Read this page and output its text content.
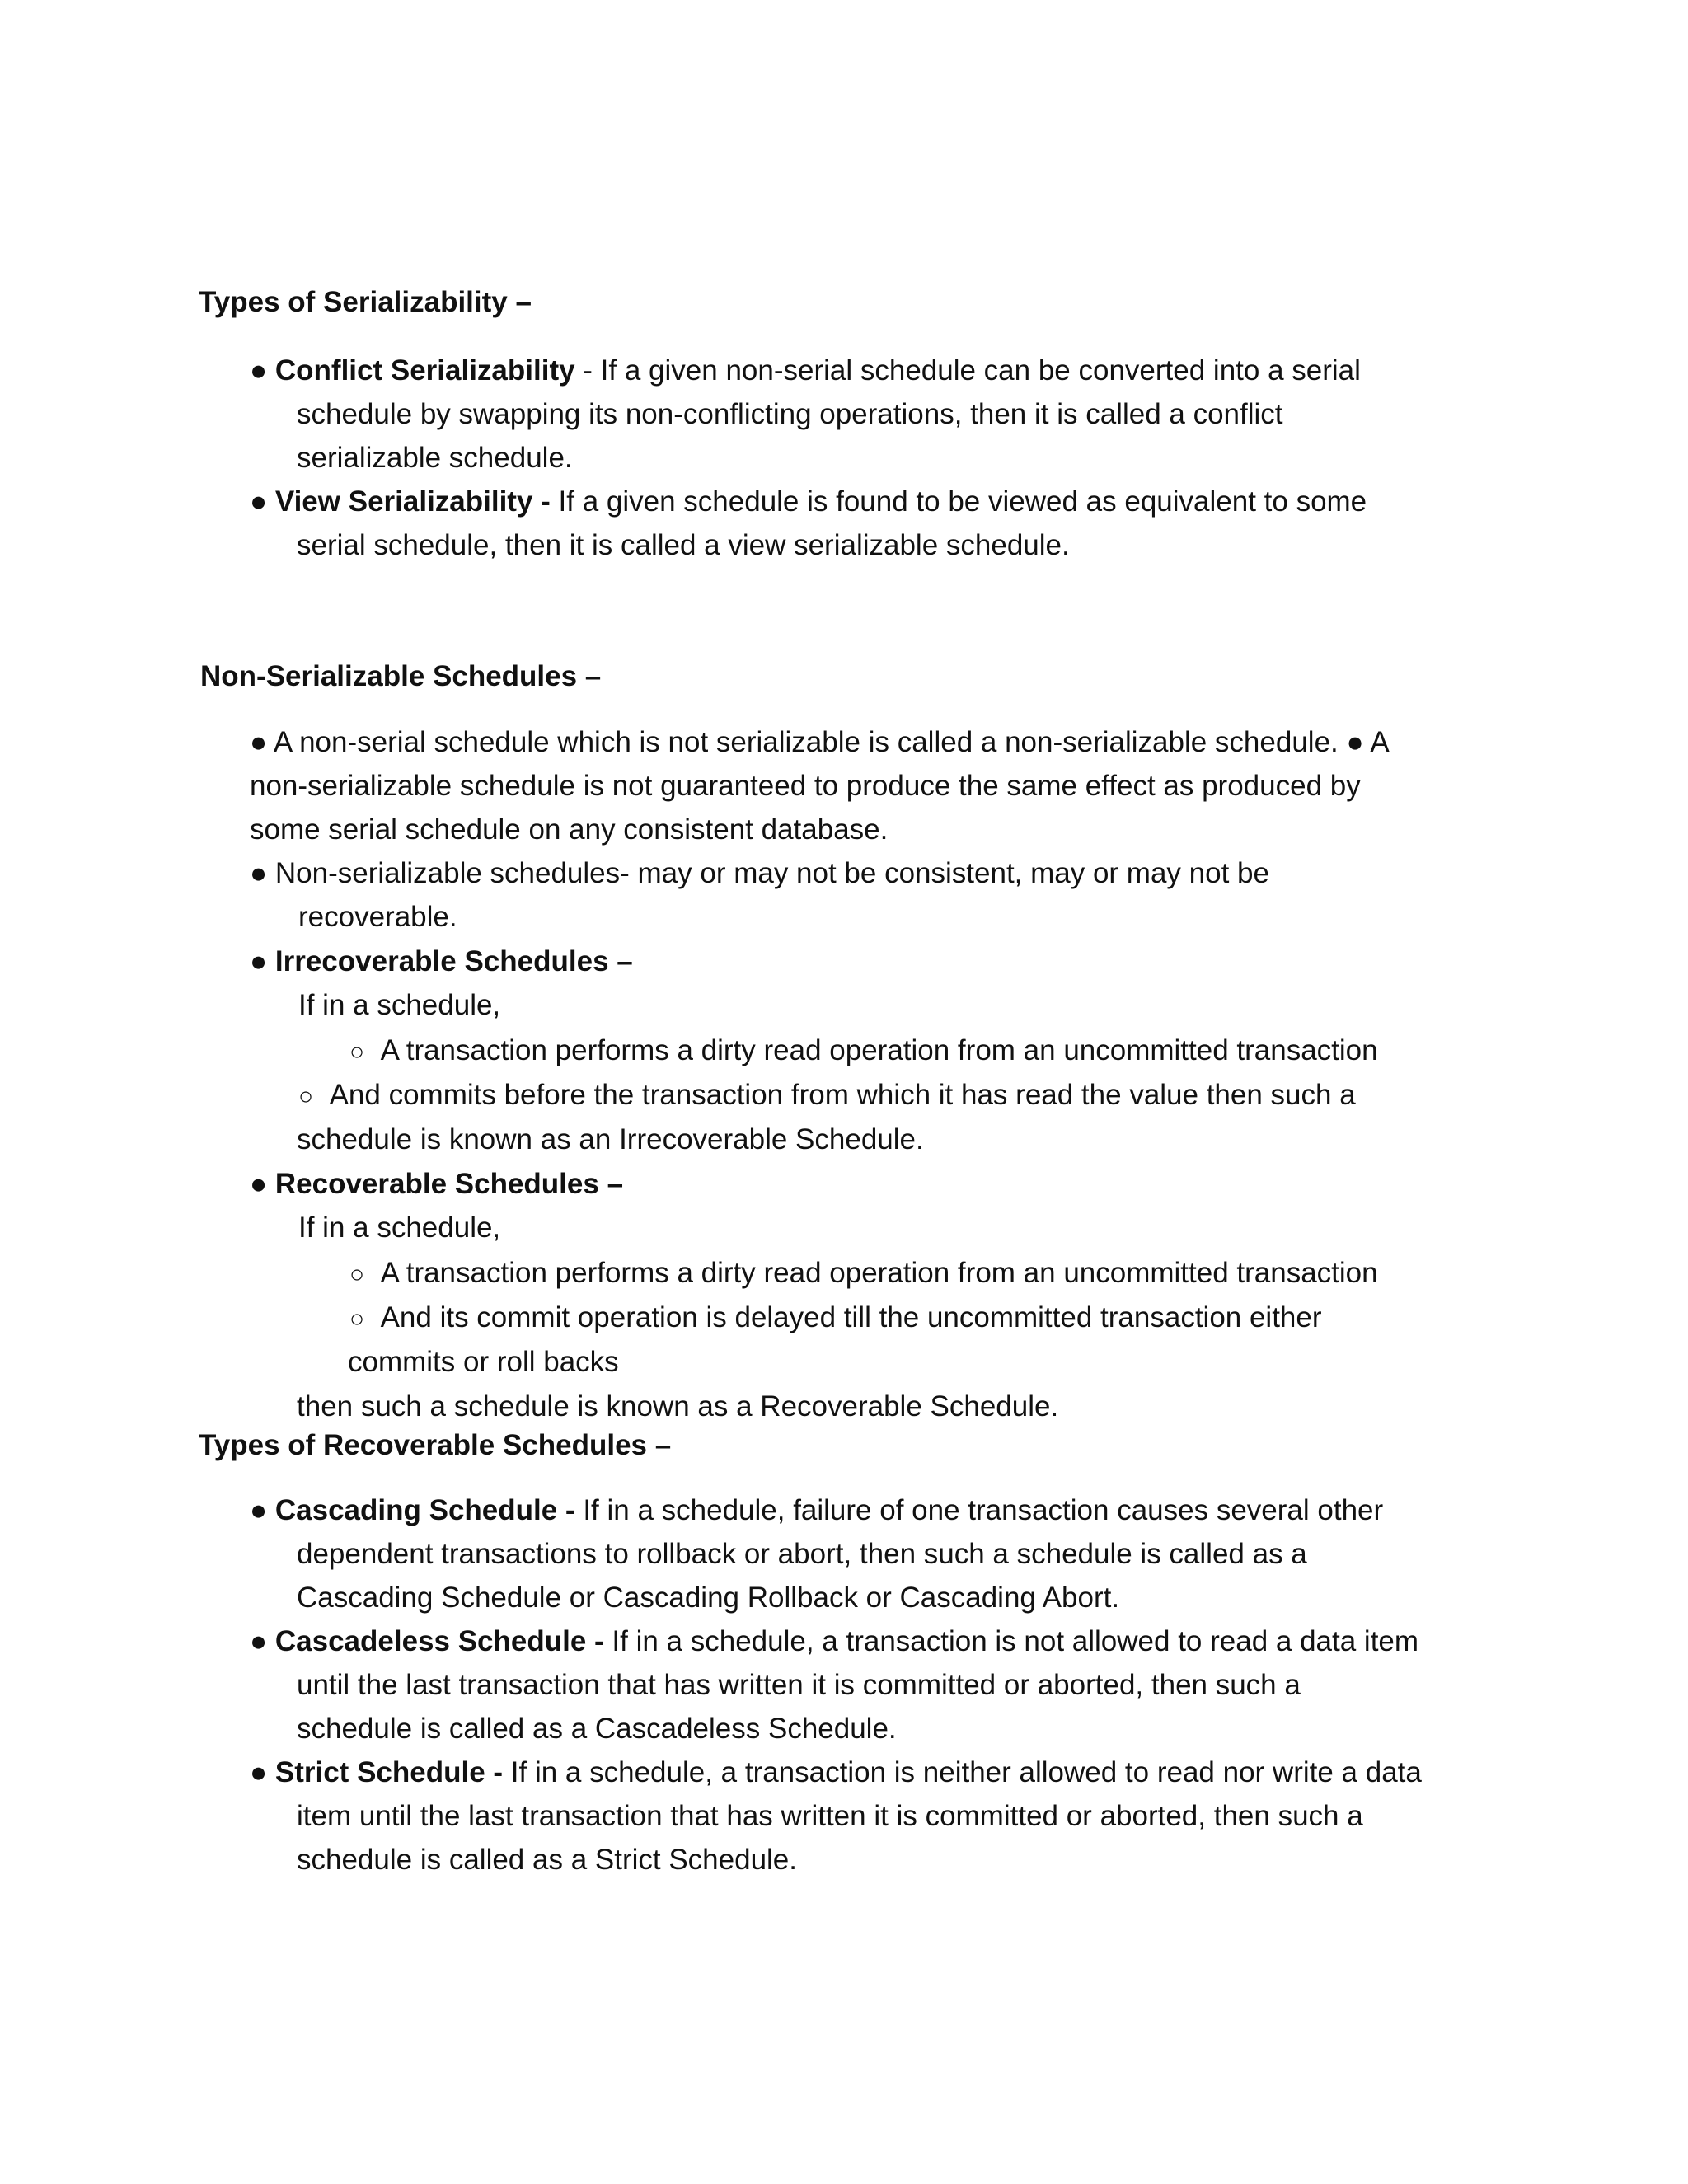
Types of Serializability –
● Conflict Serializability - If a given non-serial schedule can be converted into a serial
schedule by swapping its non-conflicting operations, then it is called a conflict
serializable schedule.
● View Serializability - If a given schedule is found to be viewed as equivalent to some
serial schedule, then it is called a view serializable schedule.
Non-Serializable Schedules –
● A non-serial schedule which is not serializable is called a non-serializable schedule. ● A
non-serializable schedule is not guaranteed to produce the same effect as produced by
some serial schedule on any consistent database.
● Non-serializable schedules- may or may not be consistent, may or may not be
recoverable.
● Irrecoverable Schedules –
If in a schedule,
○ A transaction performs a dirty read operation from an uncommitted transaction
○ And commits before the transaction from which it has read the value then such a
schedule is known as an Irrecoverable Schedule.
● Recoverable Schedules –
If in a schedule,
○ A transaction performs a dirty read operation from an uncommitted transaction
○ And its commit operation is delayed till the uncommitted transaction either
commits or roll backs
then such a schedule is known as a Recoverable Schedule.
Types of Recoverable Schedules –
● Cascading Schedule - If in a schedule, failure of one transaction causes several other
dependent transactions to rollback or abort, then such a schedule is called as a
Cascading Schedule or Cascading Rollback or Cascading Abort.
● Cascadeless Schedule - If in a schedule, a transaction is not allowed to read a data item
until the last transaction that has written it is committed or aborted, then such a
schedule is called as a Cascadeless Schedule.
● Strict Schedule - If in a schedule, a transaction is neither allowed to read nor write a data
item until the last transaction that has written it is committed or aborted, then such a
schedule is called as a Strict Schedule.
